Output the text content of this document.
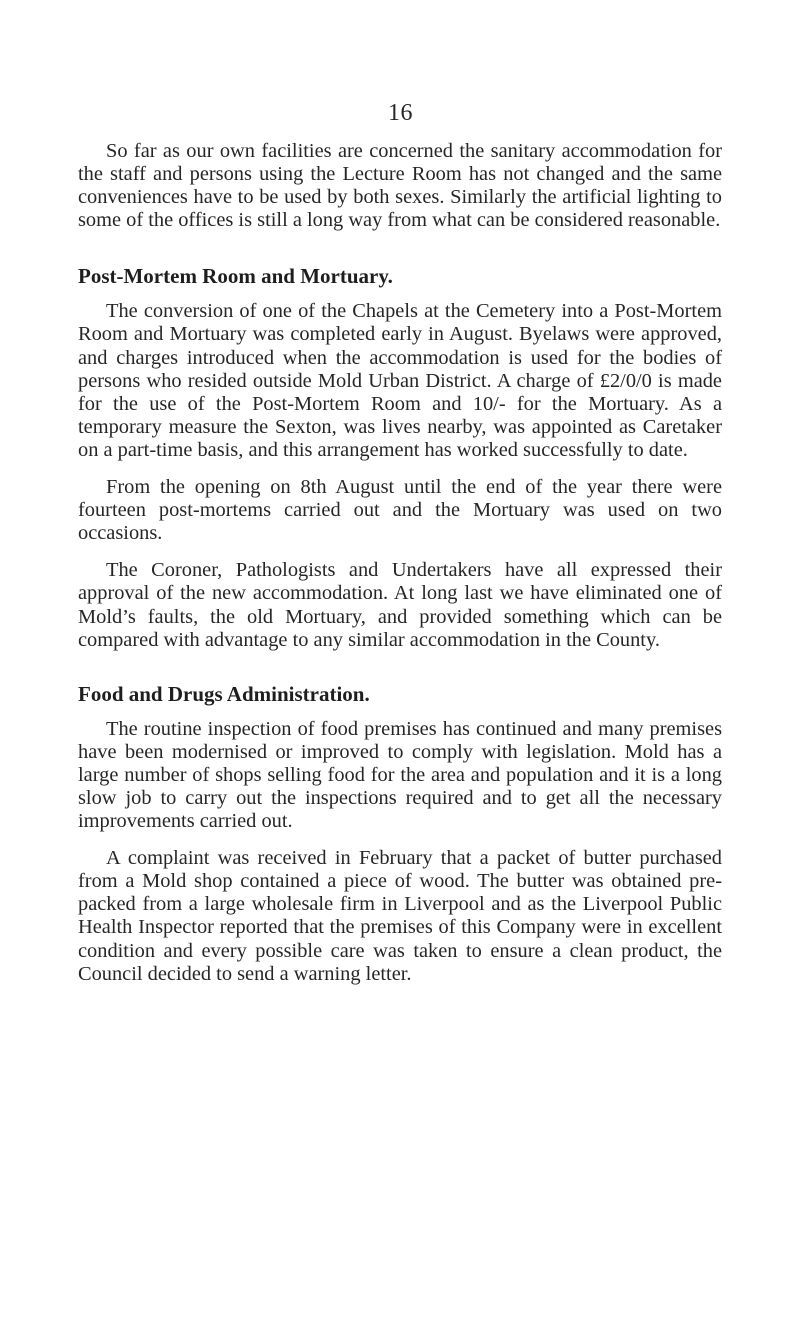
16

So far as our own facilities are concerned the sanitary accommodation for the staff and persons using the Lecture Room has not changed and the same conveniences have to be used by both sexes. Similarly the artificial lighting to some of the offices is still a long way from what can be considered reasonable.

Post-Mortem Room and Mortuary.

The conversion of one of the Chapels at the Cemetery into a Post-Mortem Room and Mortuary was completed early in August. Byelaws were approved, and charges introduced when the accommodation is used for the bodies of persons who resided outside Mold Urban District. A charge of £2/0/0 is made for the use of the Post-Mortem Room and 10/- for the Mortuary. As a temporary measure the Sexton, was lives nearby, was appointed as Caretaker on a part-time basis, and this arrangement has worked successfully to date.

From the opening on 8th August until the end of the year there were fourteen post-mortems carried out and the Mortuary was used on two occasions.

The Coroner, Pathologists and Undertakers have all expressed their approval of the new accommodation. At long last we have eliminated one of Mold’s faults, the old Mortuary, and provided something which can be compared with advantage to any similar accommodation in the County.

Food and Drugs Administration.

The routine inspection of food premises has continued and many premises have been modernised or improved to comply with legislation. Mold has a large number of shops selling food for the area and population and it is a long slow job to carry out the inspections required and to get all the necessary improvements carried out.

A complaint was received in February that a packet of butter purchased from a Mold shop contained a piece of wood. The butter was obtained pre-packed from a large wholesale firm in Liverpool and as the Liverpool Public Health Inspector reported that the premises of this Company were in excellent condition and every possible care was taken to ensure a clean product, the Council decided to send a warning letter.
